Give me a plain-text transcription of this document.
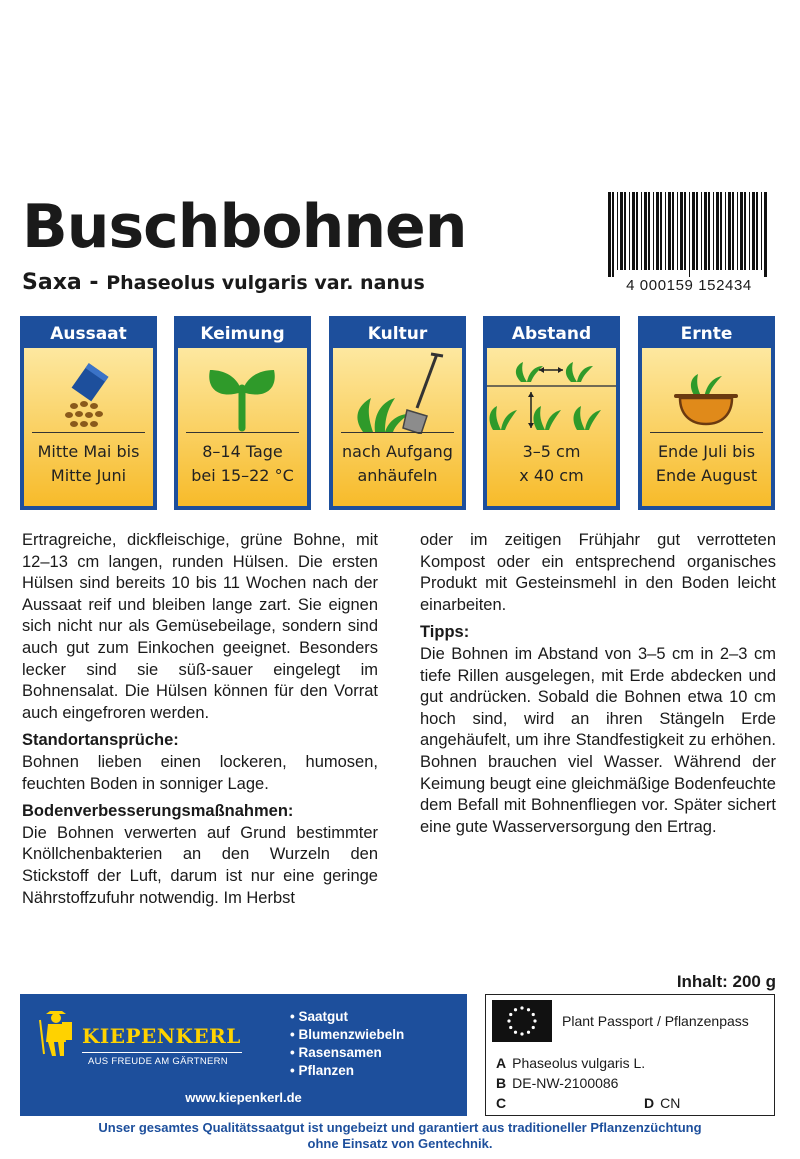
Buschbohnen
Saxa - Phaseolus vulgaris var. nanus	4 000159 152434
Aussaat
Mitte Mai bis
Mitte Juni
Keimung
8–14 Tage
bei 15–22 °C
Kultur
nach Aufgang
anhäufeln
Abstand
3–5 cm
x 40 cm
Ernte
Ende Juli bis
Ende August

Ertragreiche, dickfleischige, grüne Bohne, mit 12–13 cm langen, runden Hülsen. Die ersten Hülsen sind bereits 10 bis 11 Wochen nach der Aussaat reif und bleiben lange zart. Sie eignen sich nicht nur als Gemüsebeilage, sondern sind auch gut zum Einkochen geeignet. Besonders lecker sind sie süß-sauer eingelegt im Bohnensalat. Die Hülsen können für den Vorrat auch eingefroren werden.

Standortansprüche:

Bohnen lieben einen lockeren, humosen, feuchten Boden in sonniger Lage.

Bodenverbesserungsmaßnahmen:

Die Bohnen verwerten auf Grund bestimmter Knöllchenbakterien an den Wurzeln den Stickstoff der Luft, darum ist nur eine geringe Nährstoffzufuhr notwendig. Im Herbst

oder im zeitigen Frühjahr gut verrotteten Kompost oder ein entsprechend organisches Produkt mit Gesteinsmehl in den Boden leicht einarbeiten.

Tipps:

Die Bohnen im Abstand von 3–5 cm in 2–3 cm tiefe Rillen ausgelegen, mit Erde abdecken und gut andrücken. Sobald die Bohnen etwa 10 cm hoch sind, wird an ihren Stängeln Erde angehäufelt, um ihre Standfestigkeit zu erhöhen. Bohnen brauchen viel Wasser. Während der Keimung beugt eine gleichmäßige Bodenfeuchte dem Befall mit Bohnenfliegen vor. Später sichert eine gute Wasserversorgung den Ertrag.

Inhalt: 200 g
KIEPENKERL
AUS FREUDE AM GÄRTNERN
• Saatgut
• Blumenzwiebeln
• Rasensamen
• Pflanzen
www.kiepenkerl.de
Plant Passport / Pflanzenpass
A Phaseolus vulgaris L.
B DE-NW-2100086
C	D CN
Unser gesamtes Qualitätssaatgut ist ungebeizt und garantiert aus traditioneller Pflanzenzüchtung
ohne Einsatz von Gentechnik.
